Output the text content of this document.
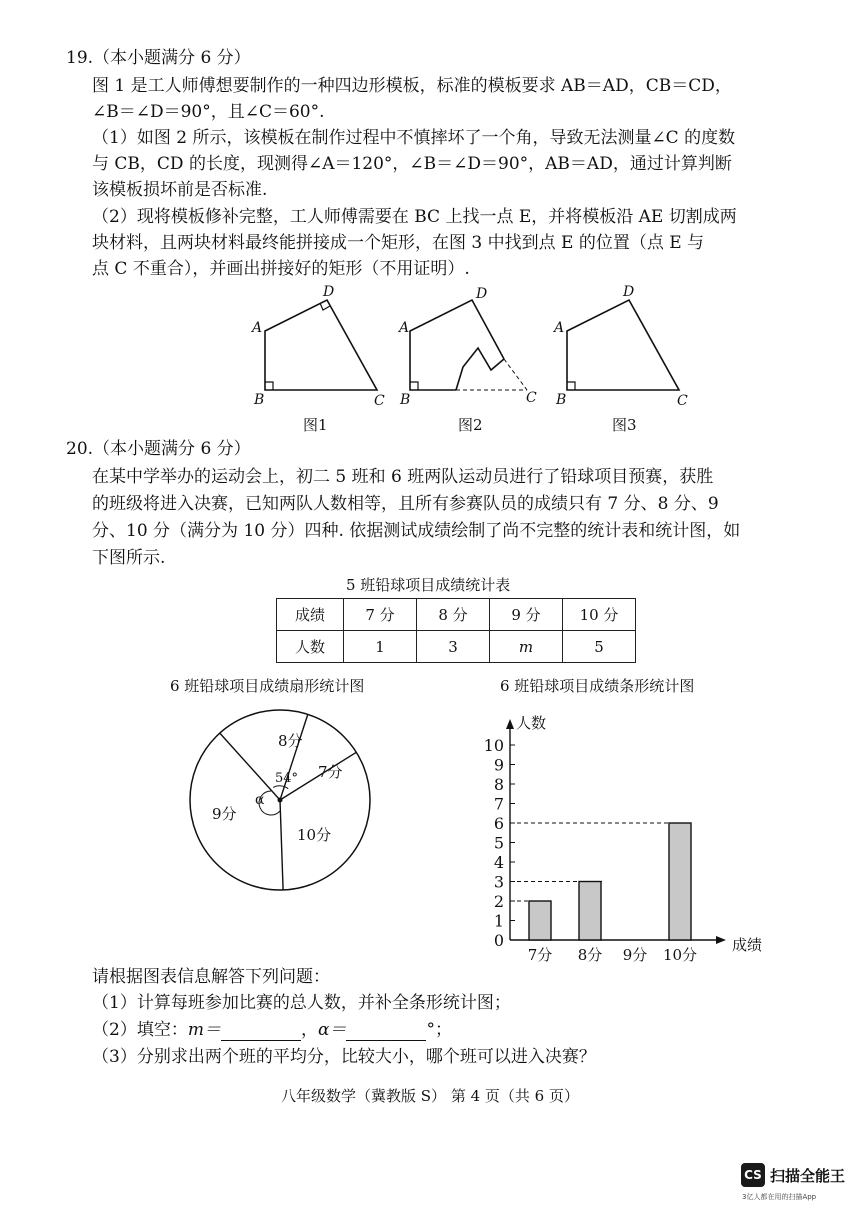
19.（本小题满分 6 分）
图 1 是工人师傅想要制作的一种四边形模板，标准的模板要求 AB＝AD，CB＝CD，
∠B＝∠D＝90°，且∠C＝60°.
（1）如图 2 所示，该模板在制作过程中不慎摔坏了一个角，导致无法测量∠C 的度数
与 CB，CD 的长度，现测得∠A＝120°，∠B＝∠D＝90°，AB＝AD，通过计算判断
该模板损坏前是否标准.
（2）现将模板修补完整，工人师傅需要在 BC 上找一点 E，并将模板沿 AE 切割成两
块材料，且两块材料最终能拼接成一个矩形，在图 3 中找到点 E 的位置（点 E 与
点 C 不重合），并画出拼接好的矩形（不用证明）.
A
B	C
D
图1
A
B	C
D
图2
A
B	C
D
图3
20.（本小题满分 6 分）
在某中学举办的运动会上，初二 5 班和 6 班两队运动员进行了铅球项目预赛，获胜
的班级将进入决赛，已知两队人数相等，且所有参赛队员的成绩只有 7 分、8 分、9
分、10 分（满分为 10 分）四种. 依据测试成绩绘制了尚不完整的统计表和统计图，如
下图所示.
5 班铅球项目成绩统计表
成绩	7 分	8 分	9 分	10 分
人数	1	3	m	5
6 班铅球项目成绩扇形统计图	6 班铅球项目成绩条形统计图
8分
7分
9分
10分
54°
α
0
1
2
3
4
5
6
7
8
9
10
人数
成绩
7分 8分 9分 10分
请根据图表信息解答下列问题：
（1）计算每班参加比赛的总人数，并补全条形统计图；
（2）填空：m＝	，α＝	°；
（3）分别求出两个班的平均分，比较大小，哪个班可以进入决赛？
八年级数学（冀教版 S） 第 4 页（共 6 页）
CS 扫描全能王
3亿人都在用的扫描App
